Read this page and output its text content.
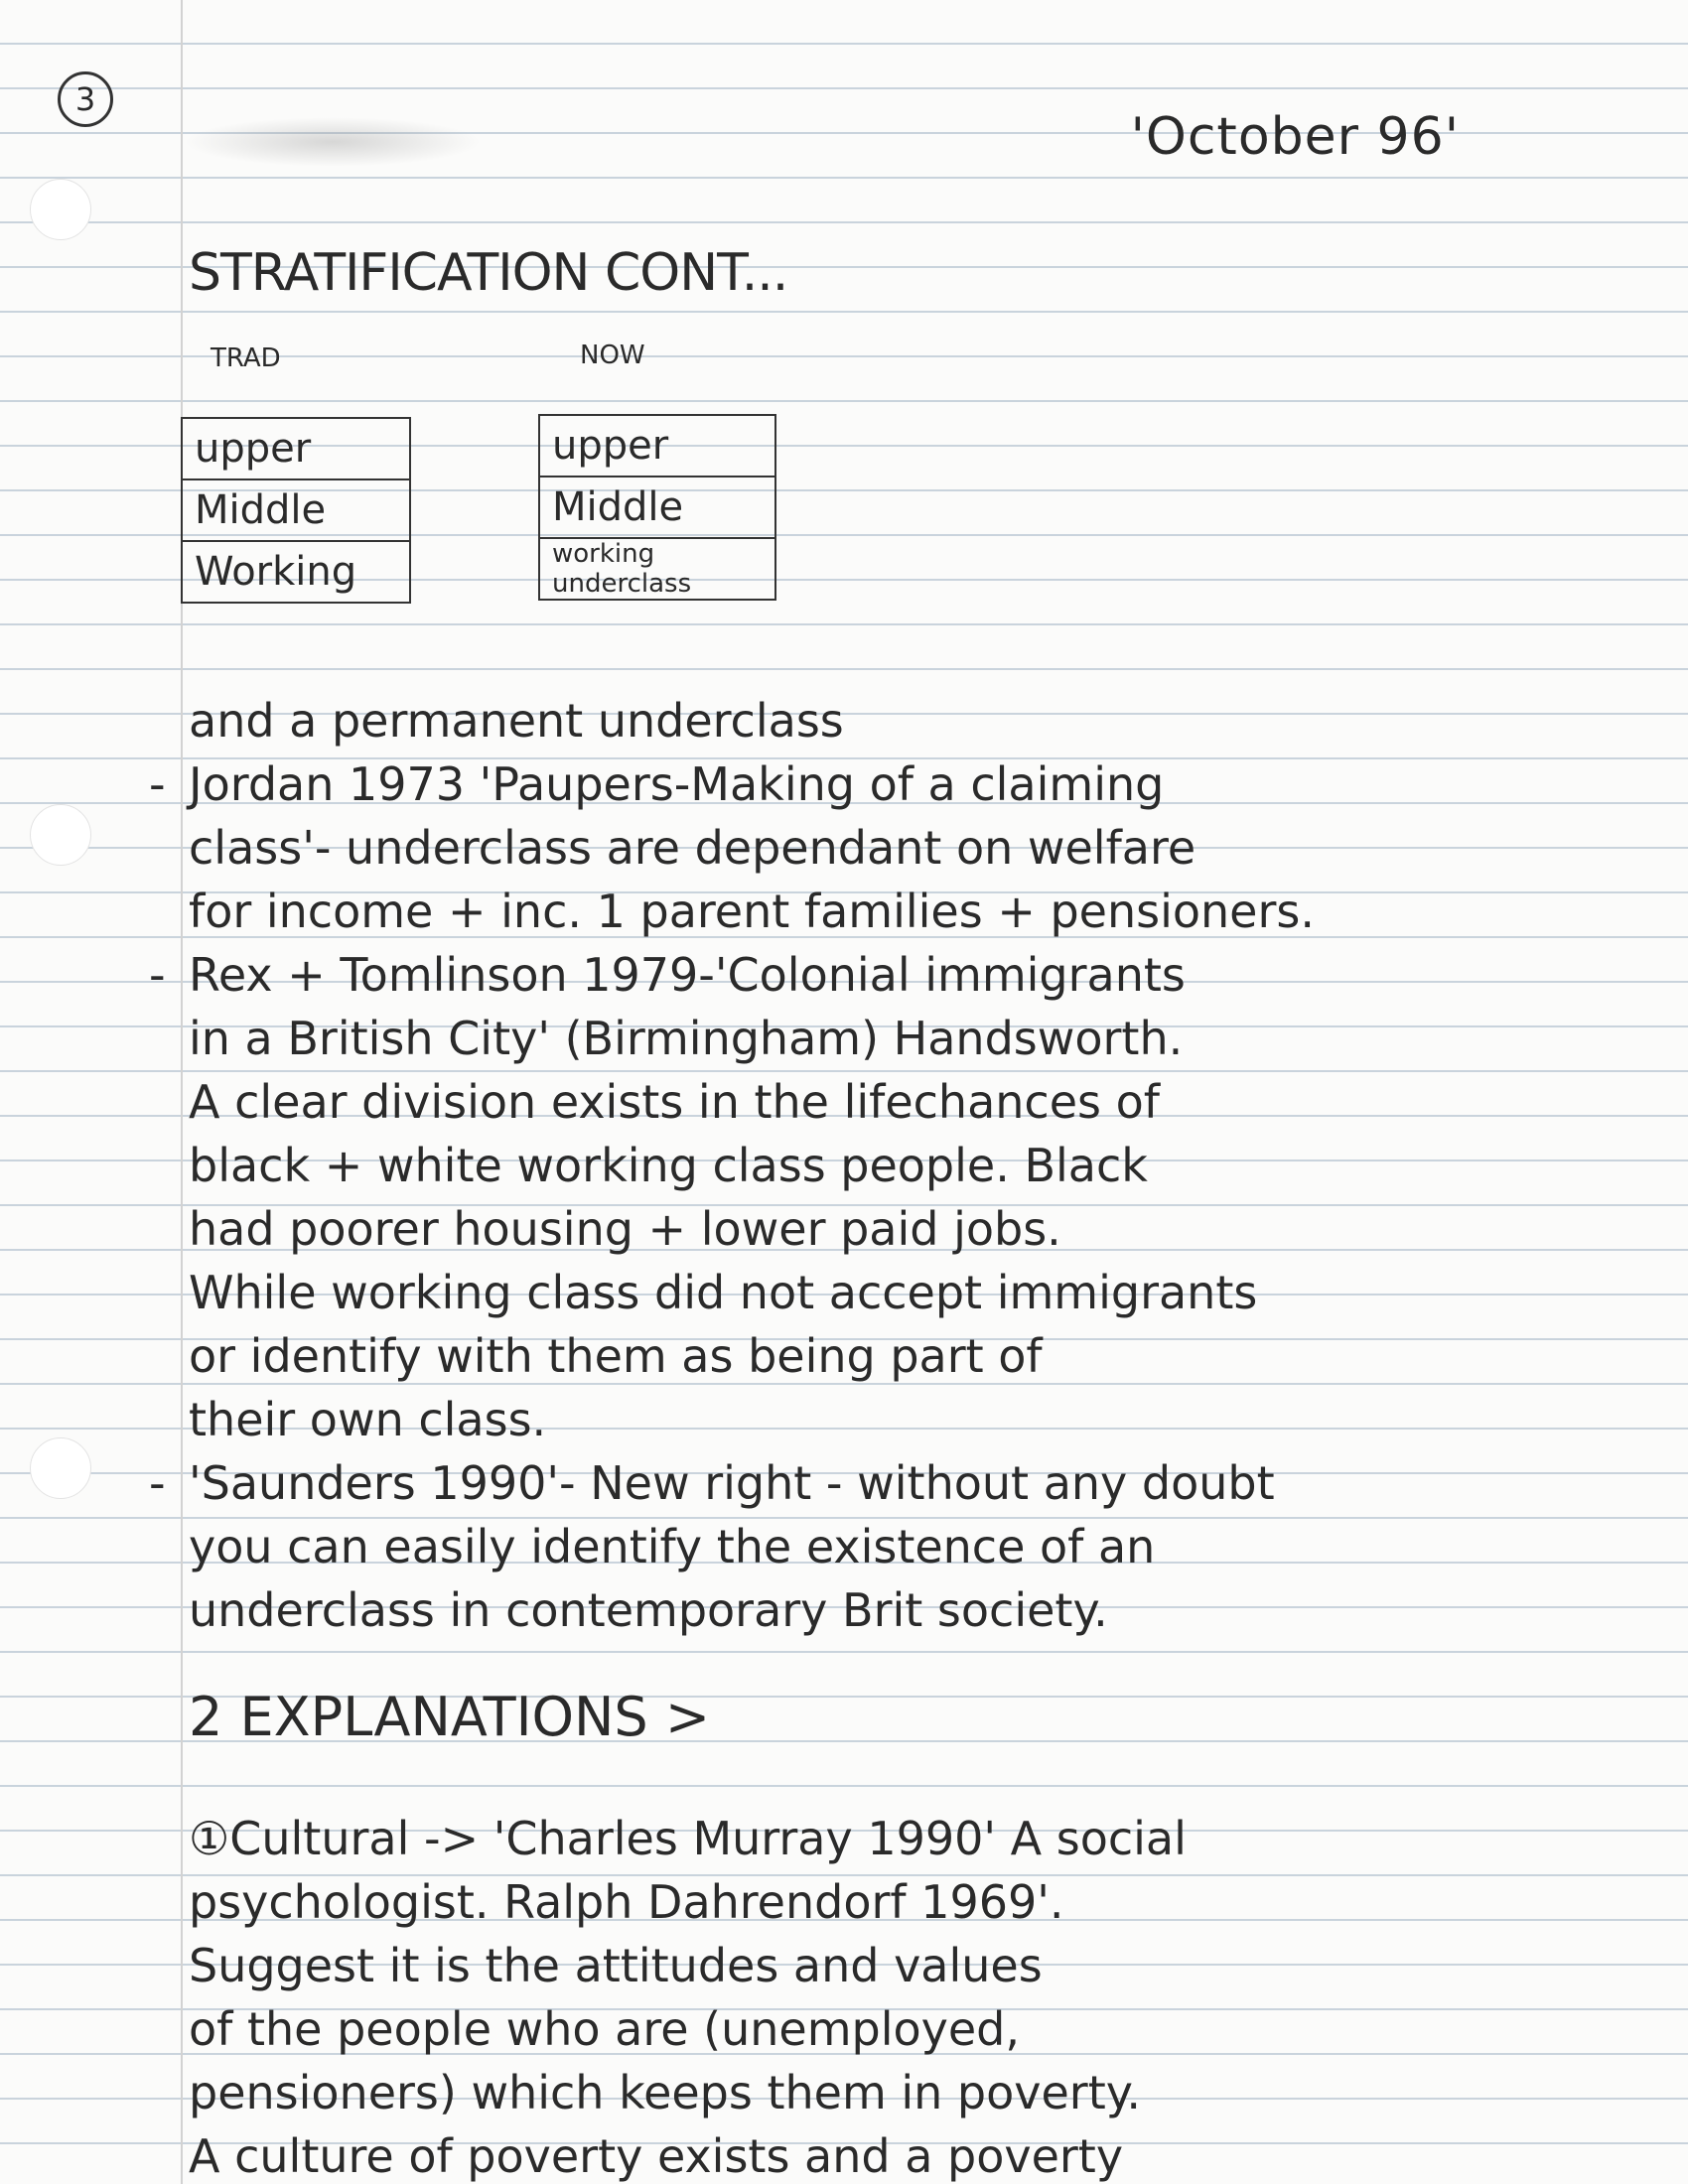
3
'October 96'
STRATIFICATION CONT...
TRAD	NOW
upper
Middle
Working
upper
Middle
working
underclass
and a permanent underclass
- Jordan 1973 'Paupers-Making of a claiming
class'- underclass are dependant on welfare
for income + inc. 1 parent families + pensioners.
- Rex + Tomlinson 1979-'Colonial immigrants
in a British City' (Birmingham) Handsworth.
A clear division exists in the lifechances of
black + white working class people. Black
had poorer housing + lower paid jobs.
While working class did not accept immigrants
or identify with them as being part of
their own class.
- 'Saunders 1990'- New right - without any doubt
you can easily identify the existence of an
underclass in contemporary Brit society.
2 EXPLANATIONS >
①Cultural -> 'Charles Murray 1990' A social
psychologist. Ralph Dahrendorf 1969'.
Suggest it is the attitudes and values
of the people who are (unemployed,
pensioners) which keeps them in poverty.
A culture of poverty exists and a poverty
